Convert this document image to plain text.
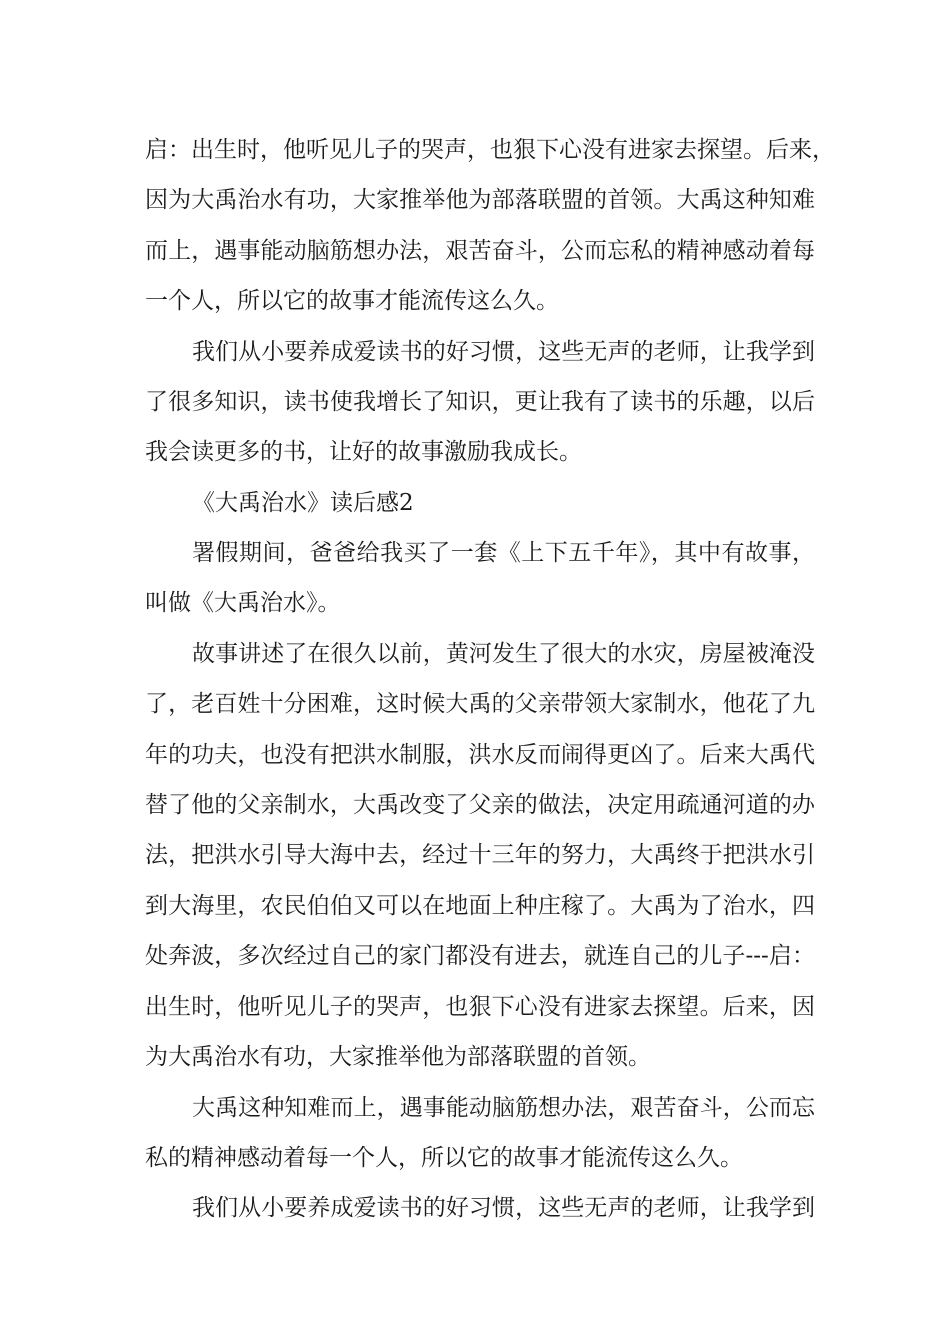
启：出生时，他听见儿子的哭声，也狠下心没有进家去探望。后来，
因为大禹治水有功，大家推举他为部落联盟的首领。大禹这种知难
而上，遇事能动脑筋想办法，艰苦奋斗，公而忘私的精神感动着每
一个人，所以它的故事才能流传这么久。
我们从小要养成爱读书的好习惯，这些无声的老师，让我学到
了很多知识，读书使我增长了知识，更让我有了读书的乐趣，以后
我会读更多的书，让好的故事激励我成长。
《大禹治水》读后感2
署假期间，爸爸给我买了一套《上下五千年》，其中有故事，
叫做《大禹治水》。
故事讲述了在很久以前，黄河发生了很大的水灾，房屋被淹没
了，老百姓十分困难，这时候大禹的父亲带领大家制水，他花了九
年的功夫，也没有把洪水制服，洪水反而闹得更凶了。后来大禹代
替了他的父亲制水，大禹改变了父亲的做法，决定用疏通河道的办
法，把洪水引导大海中去，经过十三年的努力，大禹终于把洪水引
到大海里，农民伯伯又可以在地面上种庄稼了。大禹为了治水，四
处奔波，多次经过自己的家门都没有进去，就连自己的儿子---启：
出生时，他听见儿子的哭声，也狠下心没有进家去探望。后来，因
为大禹治水有功，大家推举他为部落联盟的首领。
大禹这种知难而上，遇事能动脑筋想办法，艰苦奋斗，公而忘
私的精神感动着每一个人，所以它的故事才能流传这么久。
我们从小要养成爱读书的好习惯，这些无声的老师，让我学到
